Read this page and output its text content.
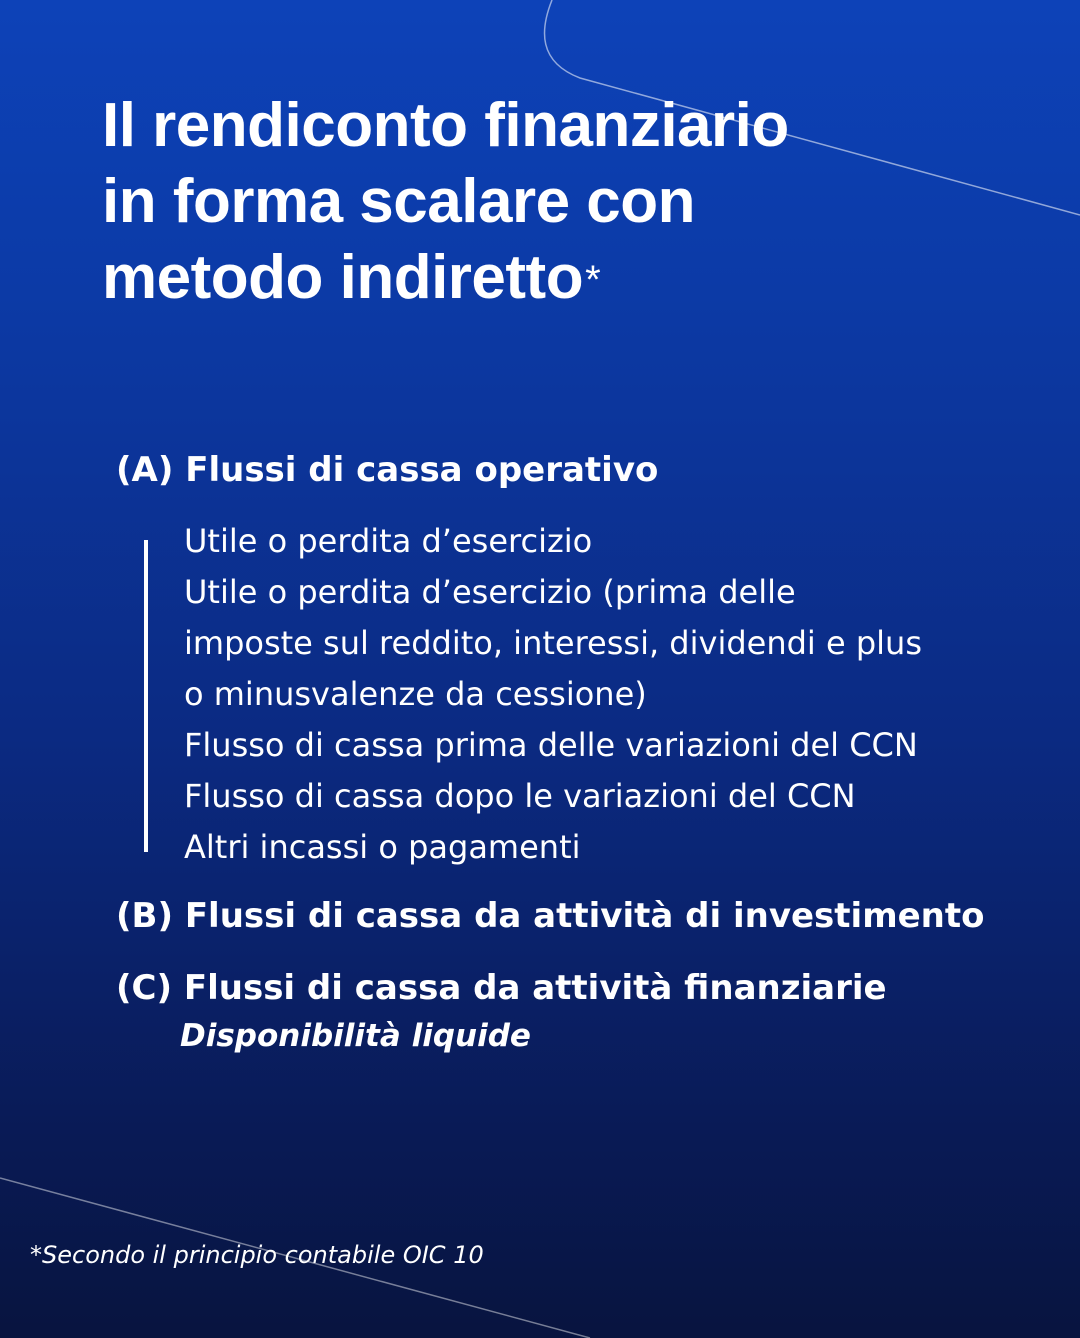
Il rendiconto finanziario
in forma scalare con
metodo indiretto*
(A) Flussi di cassa operativo
Utile o perdita d’esercizio
Utile o perdita d’esercizio (prima delle
imposte sul reddito, interessi, dividendi e plus
o minusvalenze da cessione)
Flusso di cassa prima delle variazioni del CCN
Flusso di cassa dopo le variazioni del CCN
Altri incassi o pagamenti
(B) Flussi di cassa da attività di investimento
(C) Flussi di cassa da attività finanziarie
Disponibilità liquide
*Secondo il principio contabile OIC 10
